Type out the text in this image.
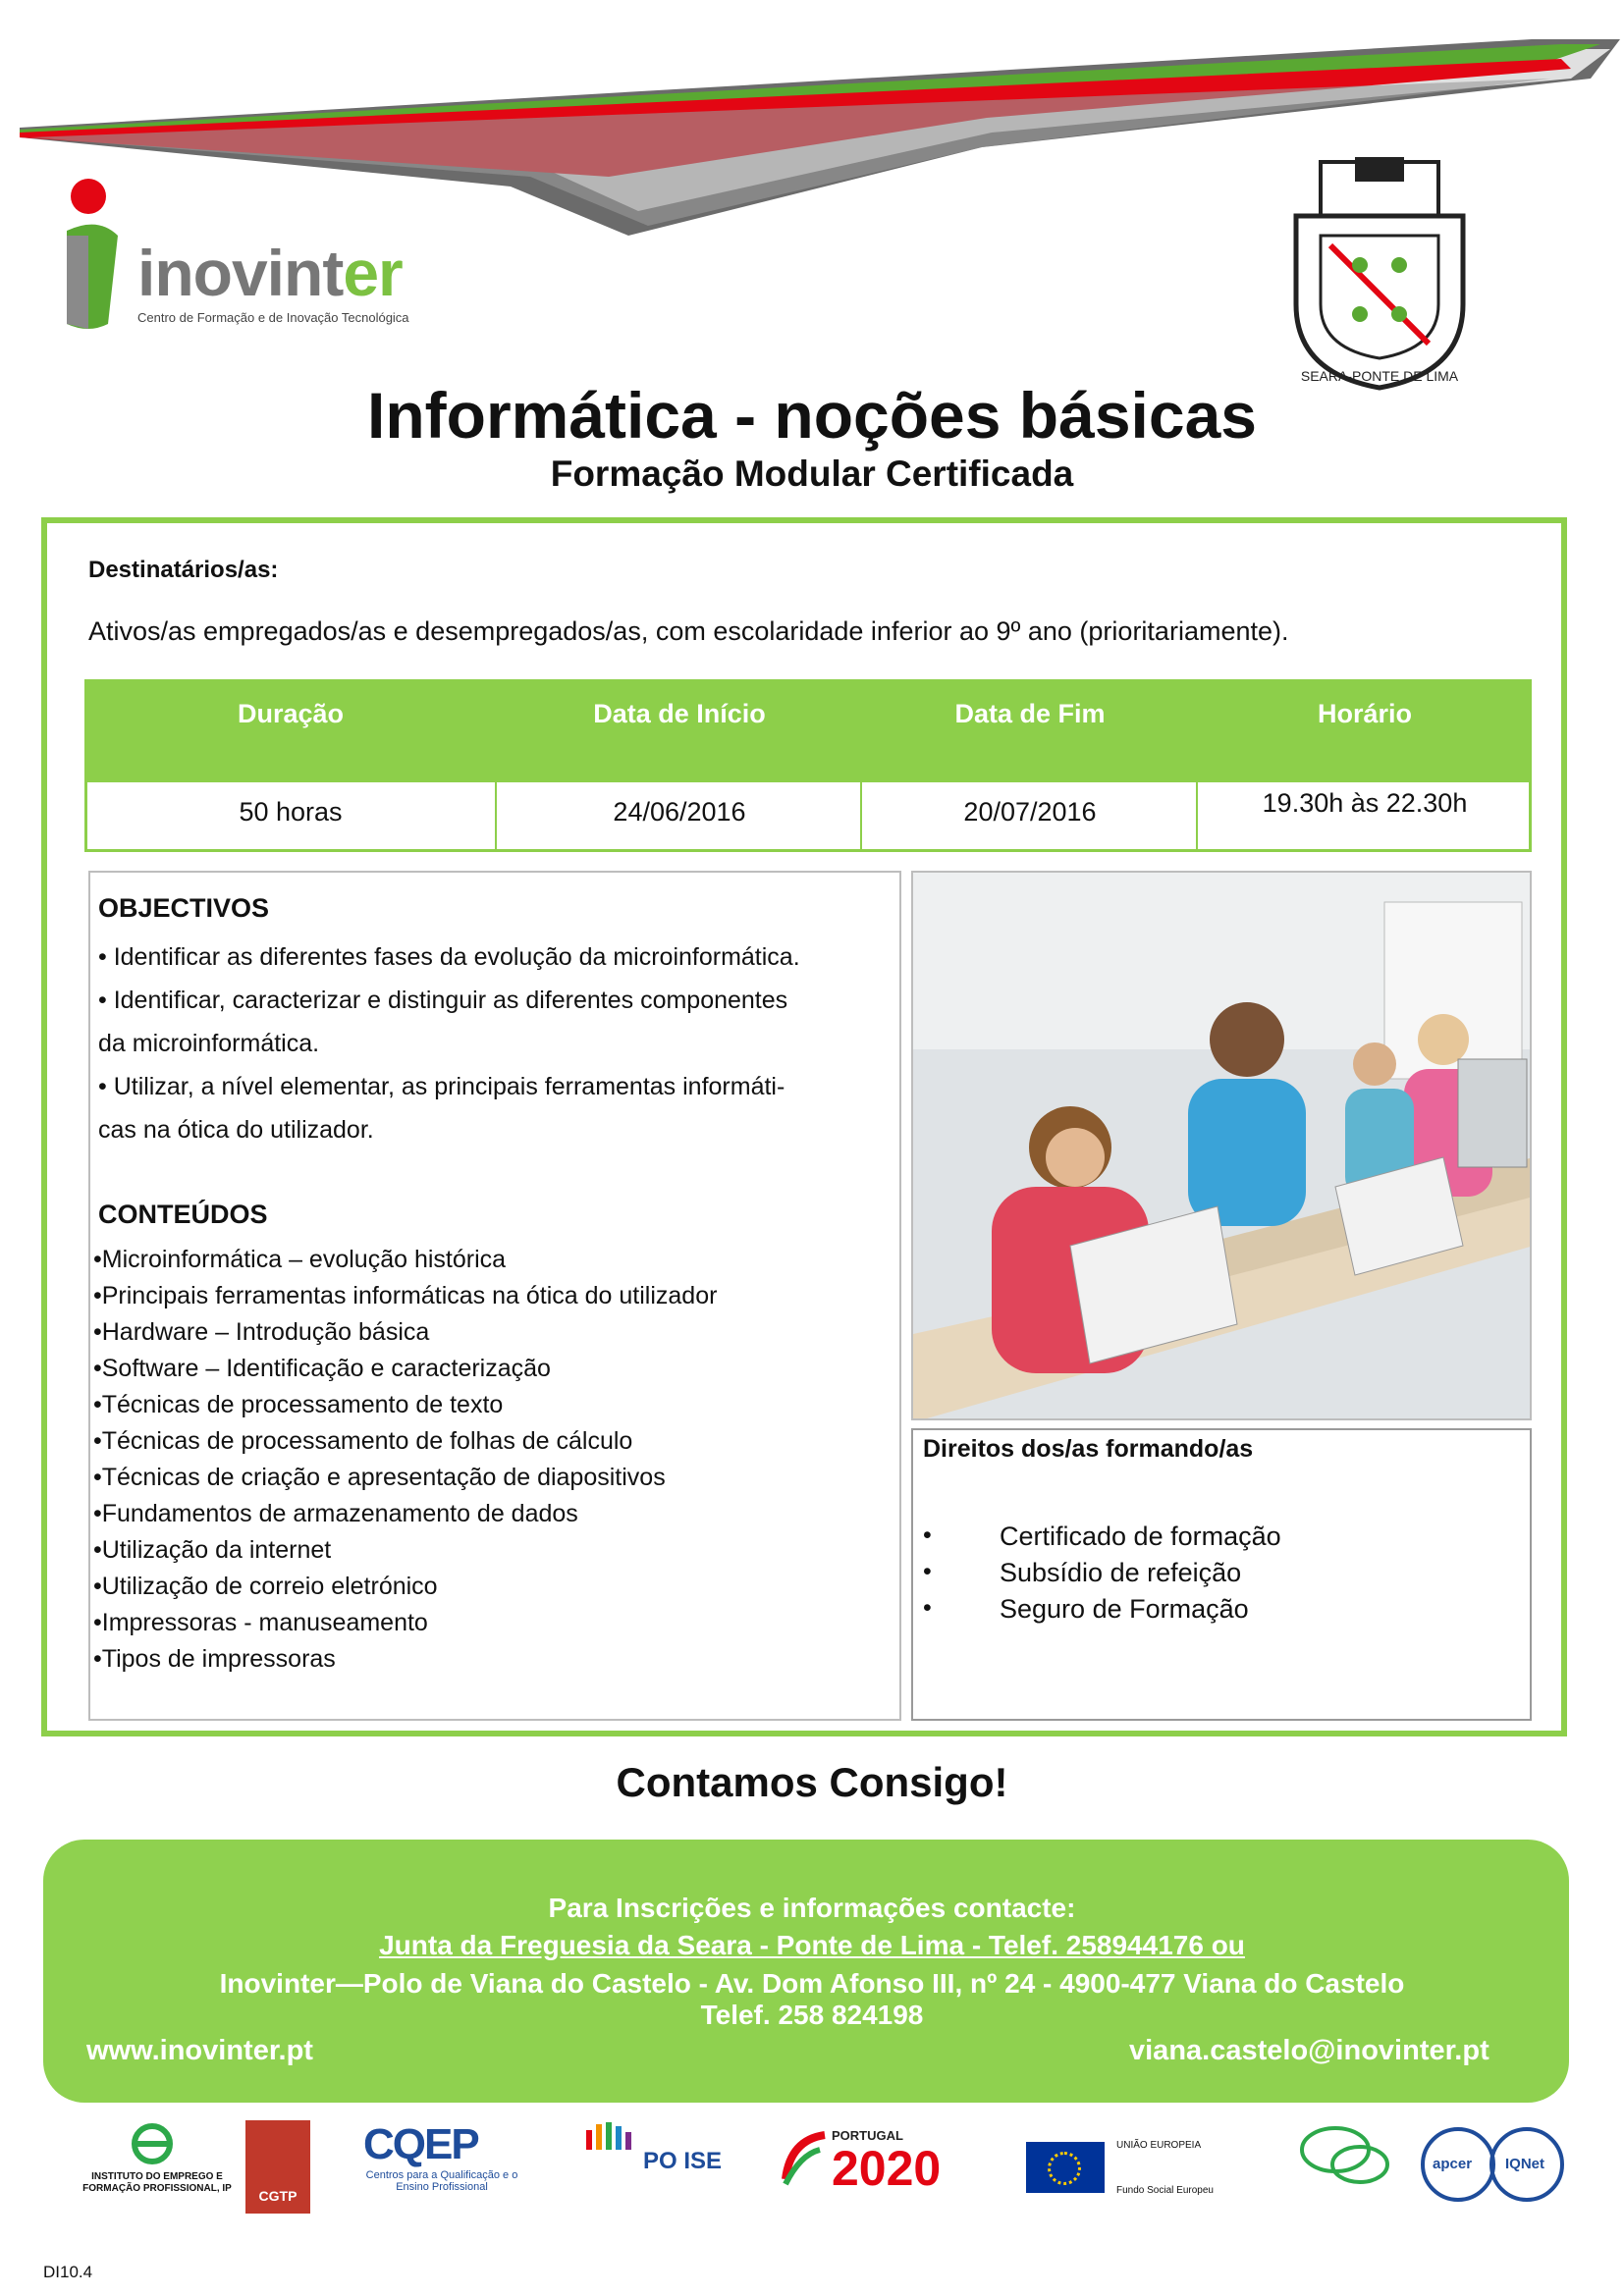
inovinter
Centro de Formação e de Inovação Tecnológica
SEARA-PONTE DE LIMA
Informática - noções básicas
Formação Modular Certificada
Destinatários/as:
Ativos/as empregados/as e desempregados/as, com escolaridade inferior ao 9º ano (prioritariamente).
Duração	Data de Início	Data de Fim	Horário
50 horas	24/06/2016	20/07/2016	19.30h às 22.30h
OBJECTIVOS
• Identificar as diferentes fases da evolução da microinformática.
• Identificar, caracterizar e distinguir as diferentes componentes
da microinformática.
• Utilizar, a nível elementar, as principais ferramentas informáti-
cas na ótica do utilizador.
CONTEÚDOS
•Microinformática – evolução histórica
•Principais ferramentas informáticas na ótica do utilizador
•Hardware – Introdução básica
•Software – Identificação e caracterização
•Técnicas de processamento de texto
•Técnicas de processamento de folhas de cálculo
•Técnicas de criação e apresentação de diapositivos
•Fundamentos de armazenamento de dados
•Utilização da internet
•Utilização de correio eletrónico
•Impressoras - manuseamento
•Tipos de impressoras
Direitos dos/as formando/as
•
•
•
Certificado de formação
Subsídio de refeição
Seguro de Formação
Contamos Consigo!
Para Inscrições e informações contacte:
Junta da Freguesia da Seara - Ponte de Lima - Telef. 258944176 ou
Inovinter—Polo de Viana do Castelo - Av. Dom Afonso III, nº 24 - 4900-477 Viana do Castelo
Telef. 258 824198
www.inovinter.pt	viana.castelo@inovinter.pt
INSTITUTO DO EMPREGO E FORMAÇÃO PROFISSIONAL, IP	CGTP
CQEP
Centros para a Qualificação e o Ensino Profissional
PO ISE
PORTUGAL
2020	UNIÃO EUROPEIA
Fundo Social Europeu
apcer IQNet
DI10.4
